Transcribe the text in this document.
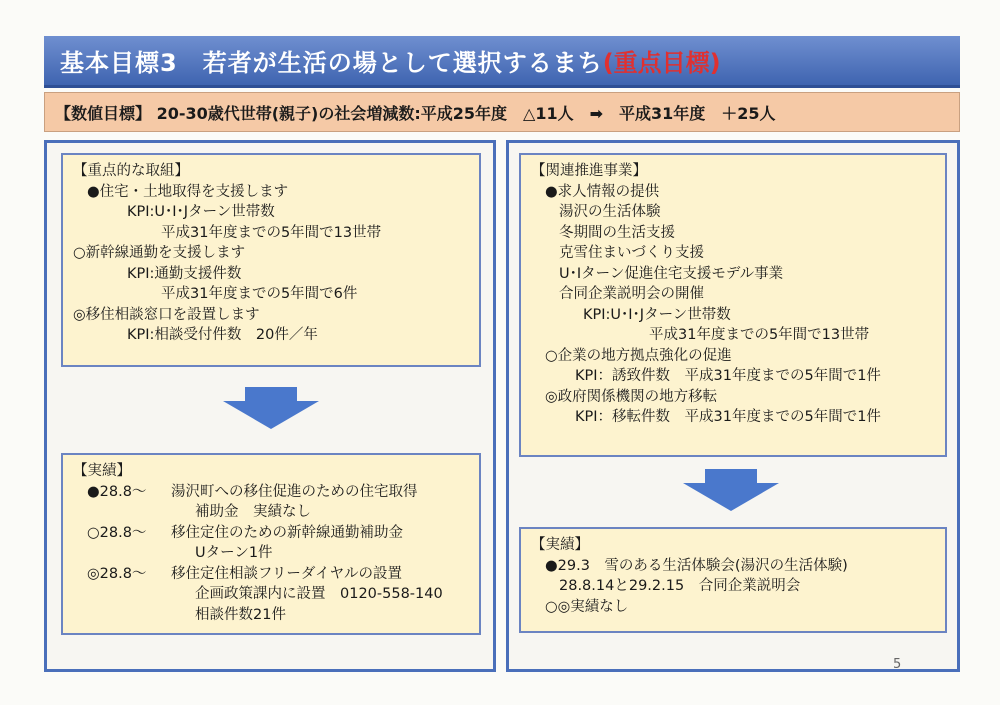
基本目標3　若者が生活の場として選択するまち (重点目標)
【数値目標】 20-30歳代世帯(親子)の社会増減数:平成25年度　△11人　➡　平成31年度　＋25人
【重点的な取組】
●住宅・土地取得を支援します
KPI:U･I･Jターン世帯数
平成31年度までの5年間で13世帯
○新幹線通勤を支援します
KPI:通勤支援件数
平成31年度までの5年間で6件
◎移住相談窓口を設置します
KPI:相談受付件数　20件／年
【実績】
●28.8～	湯沢町への移住促進のための住宅取得
補助金　実績なし
○28.8～	移住定住のための新幹線通勤補助金
Uターン1件
◎28.8～	移住定住相談フリーダイヤルの設置
企画政策課内に設置　0120-558-140
相談件数21件
【関連推進事業】
●求人情報の提供
湯沢の生活体験
冬期間の生活支援
克雪住まいづくり支援
U･Iターン促進住宅支援モデル事業
合同企業説明会の開催
KPI:U･I･Jターン世帯数
平成31年度までの5年間で13世帯
○企業の地方拠点強化の促進
KPI：誘致件数　平成31年度までの5年間で1件
◎政府関係機関の地方移転
KPI：移転件数　平成31年度までの5年間で1件
【実績】
●29.3　雪のある生活体験会(湯沢の生活体験)
28.8.14と29.2.15　合同企業説明会
○◎実績なし
5
